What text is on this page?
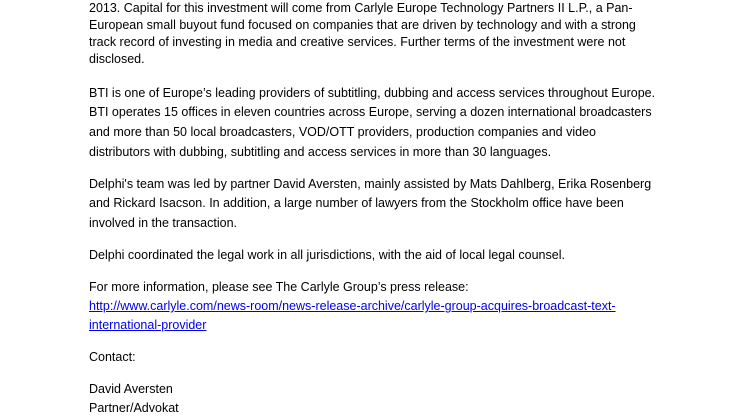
2013. Capital for this investment will come from Carlyle Europe Technology Partners II L.P., a Pan-
European small buyout fund focused on companies that are driven by technology and with a strong
track record of investing in media and creative services. Further terms of the investment were not
disclosed.
BTI is one of Europe’s leading providers of subtitling, dubbing and access services throughout Europe.
BTI operates 15 offices in eleven countries across Europe, serving a dozen international broadcasters
and more than 50 local broadcasters, VOD/OTT providers, production companies and video
distributors with dubbing, subtitling and access services in more than 30 languages.
Delphi's team was led by partner David Aversten, mainly assisted by Mats Dahlberg, Erika Rosenberg
and Rickard Isacson. In addition, a large number of lawyers from the Stockholm office have been
involved in the transaction.
Delphi coordinated the legal work in all jurisdictions, with the aid of local legal counsel.
For more information, please see The Carlyle Group’s press release:
http://www.carlyle.com/news-room/news-release-archive/carlyle-group-acquires-broadcast-text-
international-provider
Contact:
David Aversten
Partner/Advokat
